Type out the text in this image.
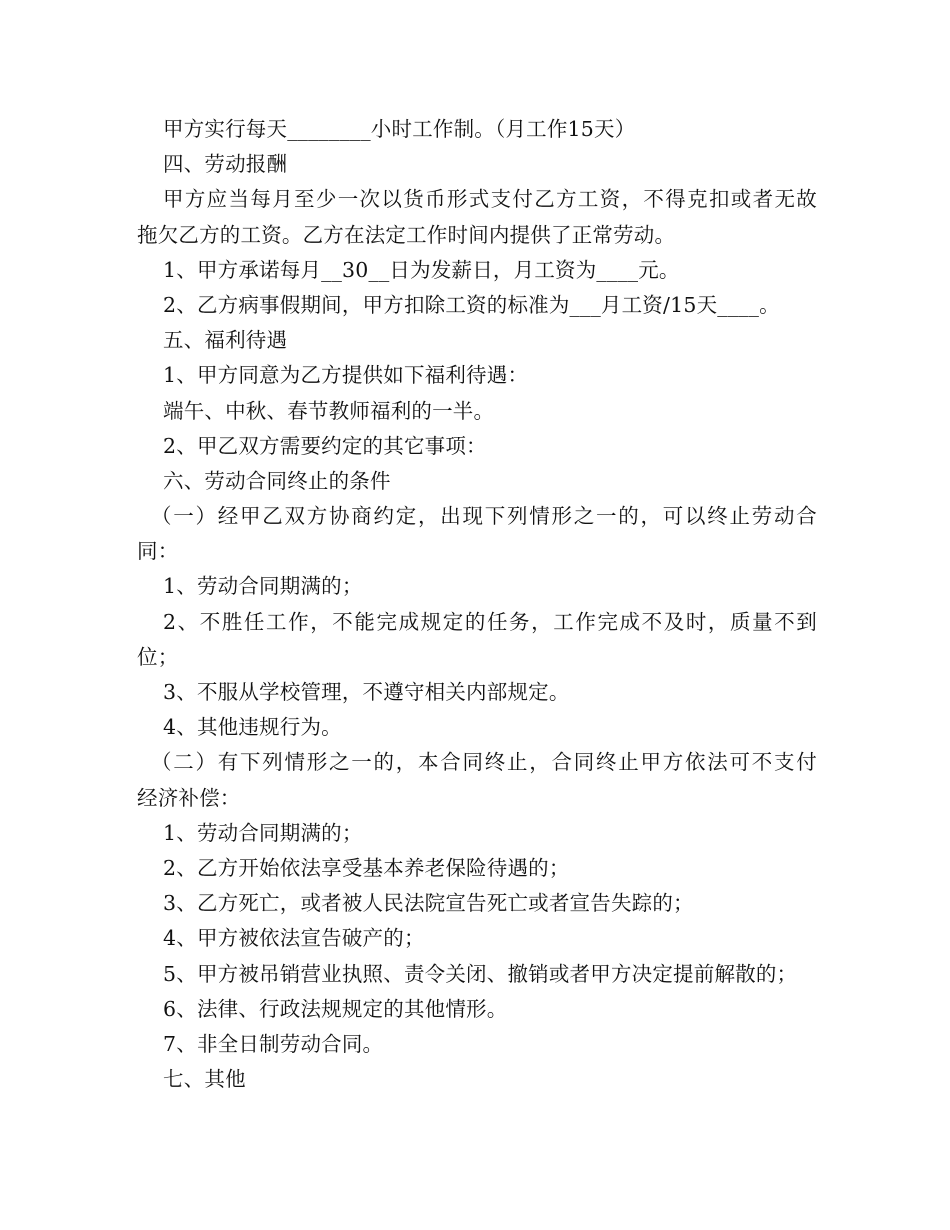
甲方实行每天________小时工作制。（月工作15天）
四、劳动报酬
甲方应当每月至少一次以货币形式支付乙方工资，不得克扣或者无故
拖欠乙方的工资。乙方在法定工作时间内提供了正常劳动。
1、甲方承诺每月__30__日为发薪日，月工资为____元。
2、乙方病事假期间，甲方扣除工资的标准为___月工资/15天____。
五、福利待遇
1、甲方同意为乙方提供如下福利待遇：
端午、中秋、春节教师福利的一半。
2、甲乙双方需要约定的其它事项：
六、劳动合同终止的条件
（一）经甲乙双方协商约定，出现下列情形之一的，可以终止劳动合
同：
1、劳动合同期满的；
2、不胜任工作，不能完成规定的任务，工作完成不及时，质量不到
位；
3、不服从学校管理，不遵守相关内部规定。
4、其他违规行为。
（二）有下列情形之一的，本合同终止，合同终止甲方依法可不支付
经济补偿：
1、劳动合同期满的；
2、乙方开始依法享受基本养老保险待遇的；
3、乙方死亡，或者被人民法院宣告死亡或者宣告失踪的；
4、甲方被依法宣告破产的；
5、甲方被吊销营业执照、责令关闭、撤销或者甲方决定提前解散的；
6、法律、行政法规规定的其他情形。
7、非全日制劳动合同。
七、其他
